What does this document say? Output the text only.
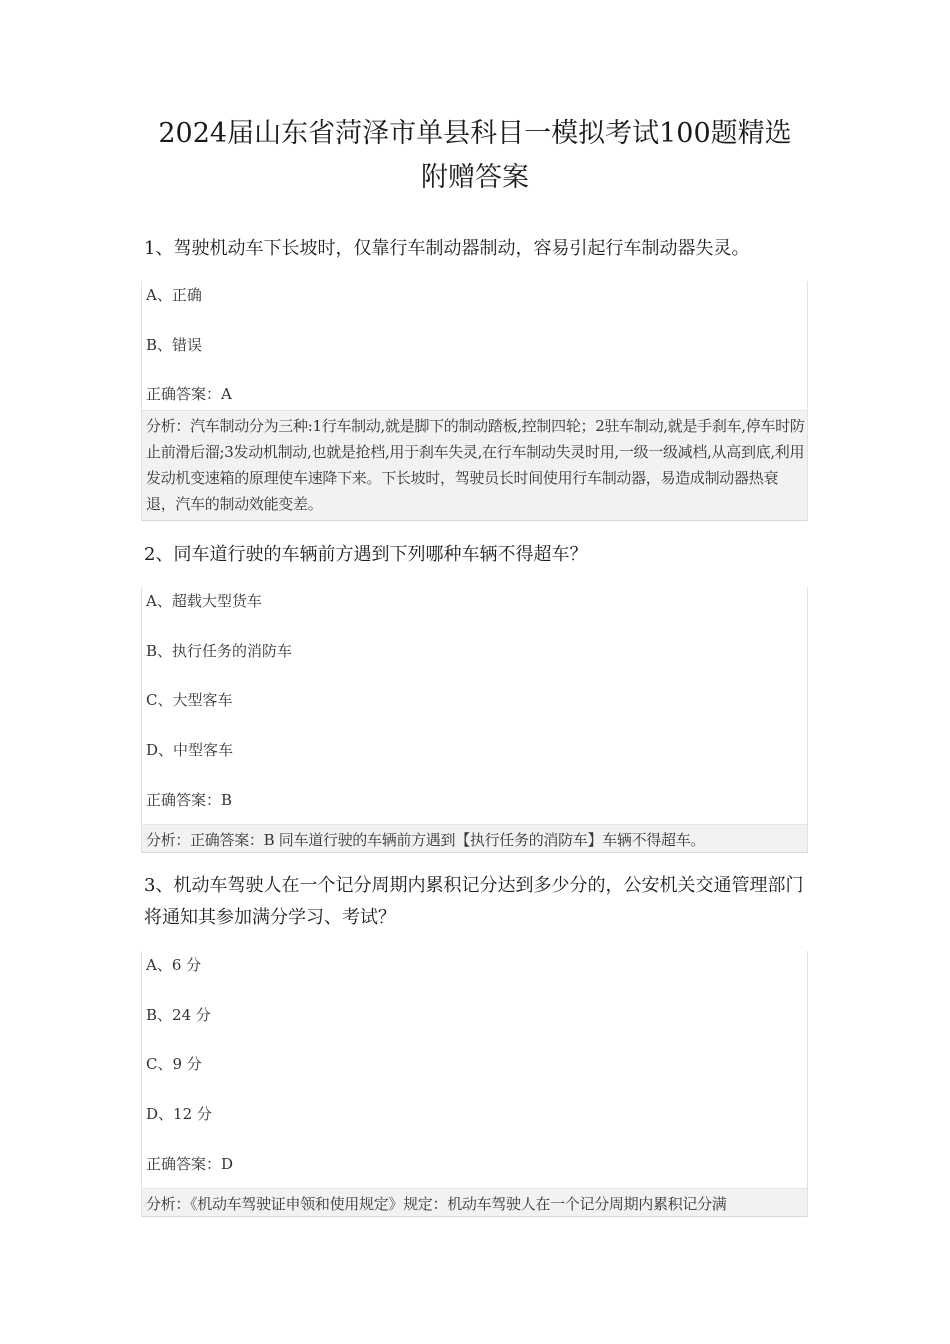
2024届山东省菏泽市单县科目一模拟考试100题精选
附赠答案
1、驾驶机动车下长坡时，仅靠行车制动器制动，容易引起行车制动器失灵。
A、正确
B、错误
正确答案：A
分析：汽车制动分为三种:1行车制动,就是脚下的制动踏板,控制四轮；2驻车制动,就是手刹车,停车时防止前滑后溜;3发动机制动,也就是抢档,用于刹车失灵,在行车制动失灵时用,一级一级减档,从高到底,利用发动机变速箱的原理使车速降下来。下长坡时，驾驶员长时间使用行车制动器，易造成制动器热衰退，汽车的制动效能变差。
2、同车道行驶的车辆前方遇到下列哪种车辆不得超车？
A、超载大型货车
B、执行任务的消防车
C、大型客车
D、中型客车
正确答案：B
分析：正确答案：B 同车道行驶的车辆前方遇到【执行任务的消防车】车辆不得超车。
3、机动车驾驶人在一个记分周期内累积记分达到多少分的，公安机关交通管理部门将通知其参加满分学习、考试？
A、6 分
B、24 分
C、9 分
D、12 分
正确答案：D
分析：《机动车驾驶证申领和使用规定》规定：机动车驾驶人在一个记分周期内累积记分满
